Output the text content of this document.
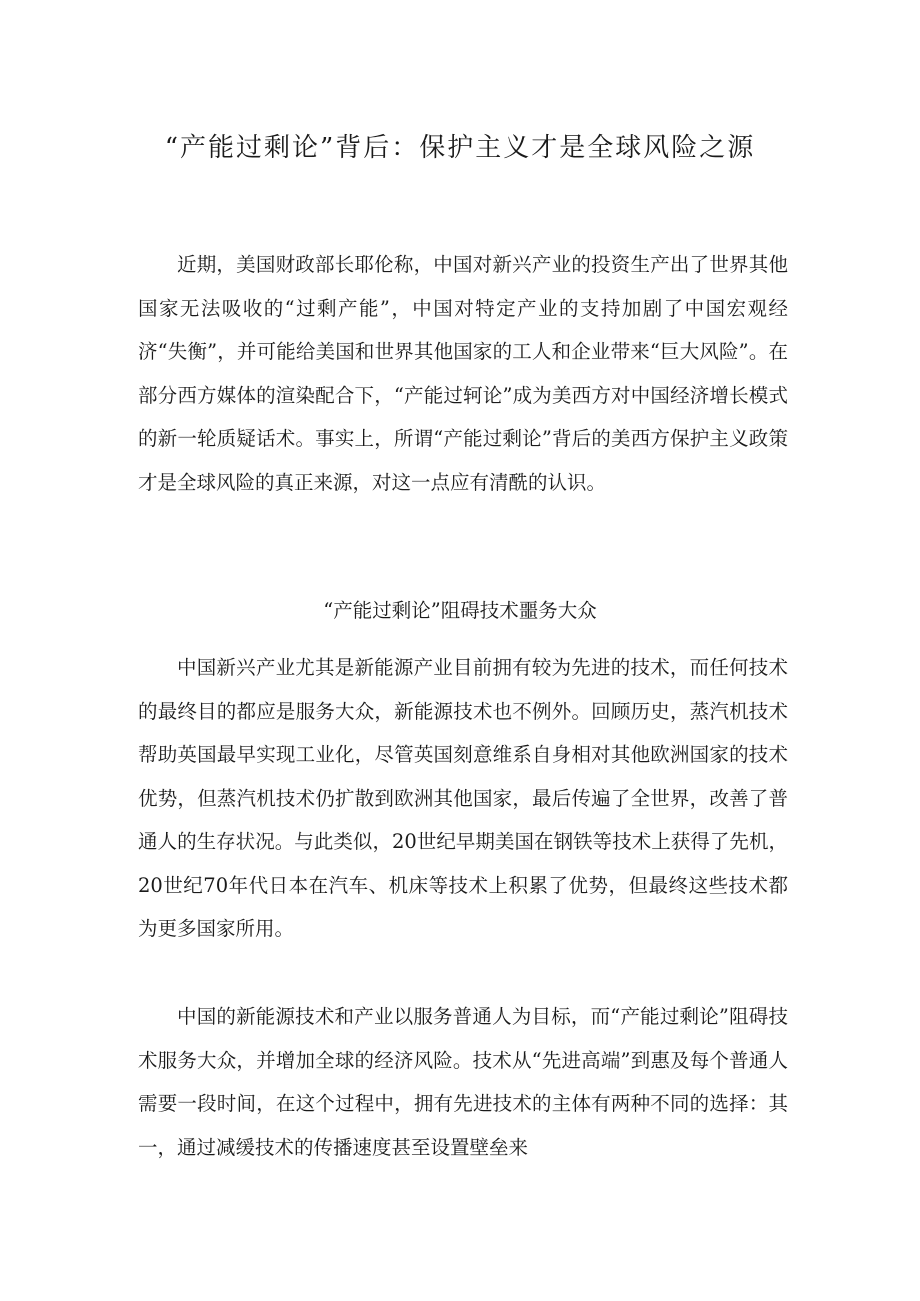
“产能过剩论”背后：保护主义才是全球风险之源

近期，美国财政部长耶伦称，中国对新兴产业的投资生产出了世界其他国家无法吸收的“过剩产能”，中国对特定产业的支持加剧了中国宏观经济“失衡”，并可能给美国和世界其他国家的工人和企业带来“巨大风险”。在部分西方媒体的渲染配合下，“产能过轲论”成为美西方对中国经济增长模式的新一轮质疑话术。事实上，所谓“产能过剩论”背后的美西方保护主义政策才是全球风险的真正来源，对这一点应有清酰的认识。

“产能过剩论”阻碍技术噩务大众

中国新兴产业尤其是新能源产业目前拥有较为先进的技术，而任何技术的最终目的都应是服务大众，新能源技术也不例外。回顾历史，蒸汽机技术帮助英国最早实现工业化，尽管英国刻意维系自身相对其他欧洲国家的技术优势，但蒸汽机技术仍扩散到欧洲其他国家，最后传遍了全世界，改善了普通人的生存状况。与此类似，20世纪早期美国在钢铁等技术上获得了先机，20世纪70年代日本在汽车、机床等技术上积累了优势，但最终这些技术都为更多国家所用。

中国的新能源技术和产业以服务普通人为目标，而“产能过剩论”阻碍技术服务大众，并增加全球的经济风险。技术从“先进高端”到惠及每个普通人需要一段时间，在这个过程中，拥有先进技术的主体有两种不同的选择：其一，通过减缓技术的传播速度甚至设置壁垒来
